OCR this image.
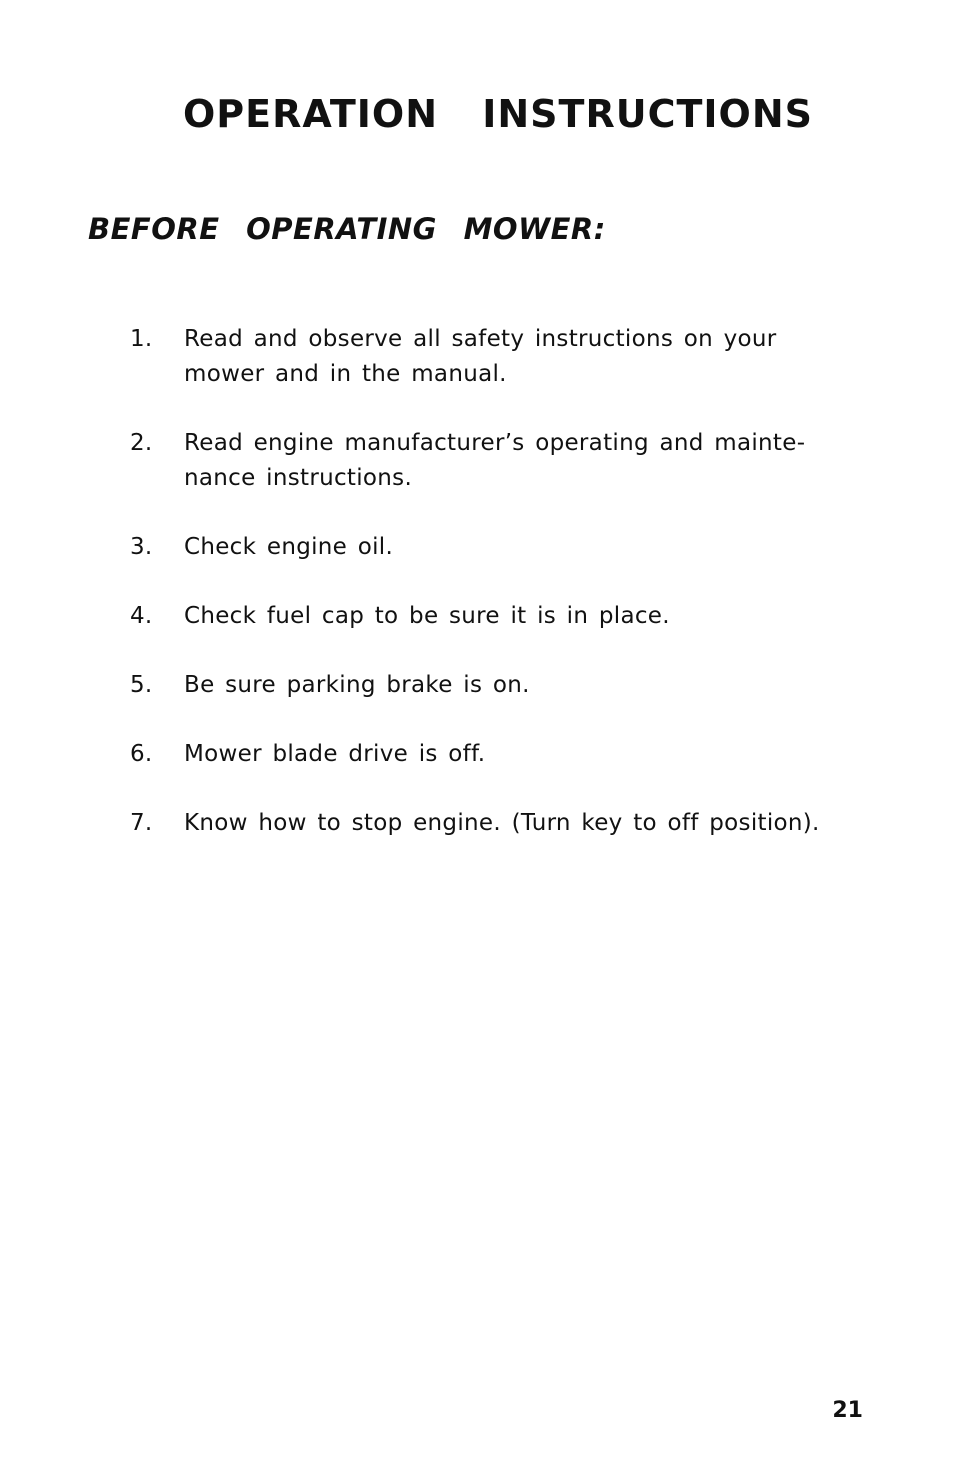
OPERATION INSTRUCTIONS
BEFORE OPERATING MOWER:
1.	Read and observe all safety instructions on your mower and in the manual.
2.	Read engine manufacturer’s operating and mainte- nance instructions.
3.	Check engine oil.
4.	Check fuel cap to be sure it is in place.
5.	Be sure parking brake is on.
6.	Mower blade drive is off.
7.	Know how to stop engine. (Turn key to off position).
21
